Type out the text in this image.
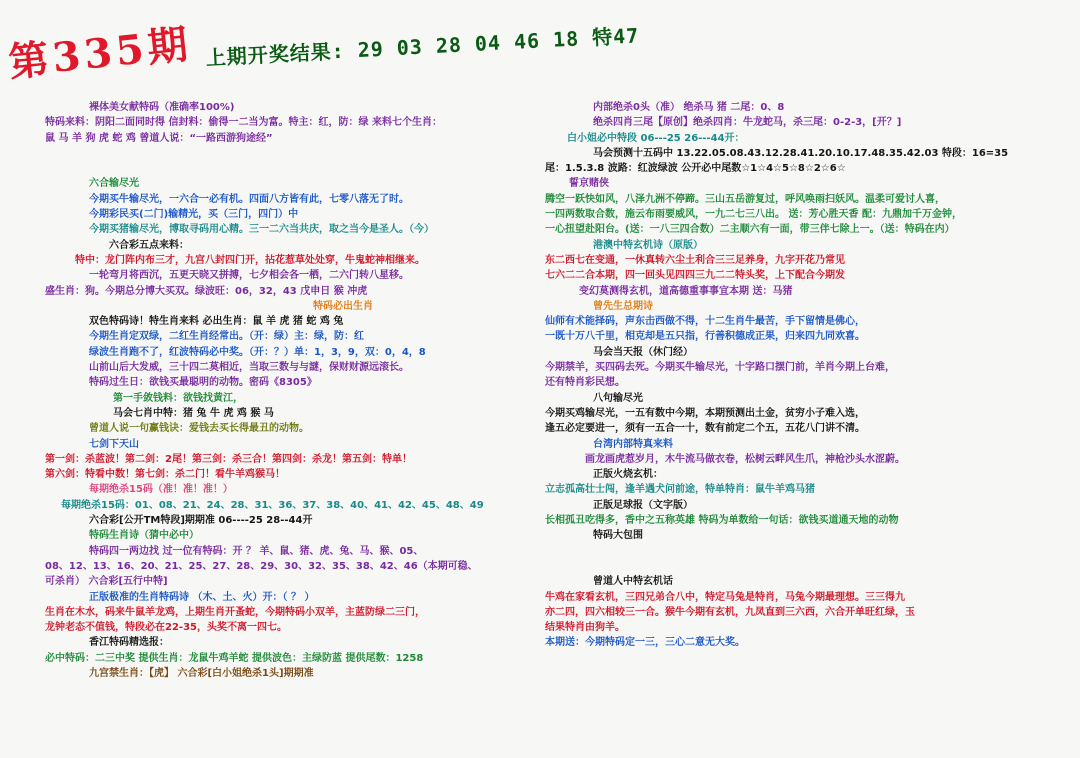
第335期 上期开奖结果: 29 03 28 04 46 18 特47
裸体美女献特码（准确率100%)
特码来料：阴阳二面同时得 信封料：偷得一二当为富。特主：红，防：绿 来料七个生肖：
鼠 马 羊 狗 虎 蛇 鸡 曾道人说：“一路西游狗途经”
六合输尽光
今期买牛输尽光，一六合一必有机。四面八方皆有此，七零八落无了时。
今期彩民买(二门)输精光，买（三门，四门）中
今期买猪输尽光，博取寻码用心精。三一二六当共庆，取之当今是圣人。（今）
六合彩五点来料：
特中：龙门阵内布三才，九宫八封四门开，拈花惹草处处穿，牛鬼蛇神相继来。
一轮弯月将西沉，五更天晓又拼搏，七夕相会各一栖，二六门转八星移。
盛生肖：狗。今期总分博大买双。绿波旺：06，32，43 戊申日 猴 冲虎
特码必出生肖
双色特码诗！特生肖来料 必出生肖：鼠 羊 虎 猪 蛇 鸡 兔
今期生肖定双绿，二红生肖经常出。（开：绿）主：绿，防：红
绿波生肖跑不了，红波特码必中奖。（开：？）单：1，3，9，双：0，4，8
山前山后大发威，三十四二莫相近，当取三数与与謎，保财财源远滚长。
特码过生日：欲钱买最聪明的动物。密码《8305》
第一手敛钱料：欲钱找黄江，
马会七肖中特：猪 兔 牛 虎 鸡 猴 马
曾道人说一句赢钱诀：爱钱去买长得最丑的动物。
七剑下天山
第一剑：杀蓝波！第二剑：2尾！第三剑：杀三合！第四剑：杀龙！第五剑：特单！
第六剑：特看中数！第七剑：杀二门！看牛羊鸡猴马！
每期绝杀15码（准！准！准！）
每期绝杀15码：01、08、21、24、28、31、36、37、38、40、41、42、45、48、49
六合彩[公开TM特段]期期准 06----25 28--44开
特码生肖诗（猜中必中）
特码四一两边找 过一位有特码：开 ？ 羊、鼠、猪、虎、兔、马、猴、05、
08、12、13、16、20、21、25、27、28、29、30、32、35、38、42、46（本期可稳、
可杀肖） 六合彩[五行中特]
正版极准的生肖特码诗 （木、土、火）开：（ ？ ）
生肖在木水，码来牛鼠羊龙鸡，上期生肖开蚤蛇，今期特码小双羊，主蓝防绿二三门，
龙钟老态不值钱，特段必在22-35，头奖不离一四七。
香江特码精选报：
必中特码：二三中奖 提供生肖：龙鼠牛鸡羊蛇 提供波色：主绿防蓝 提供尾数：1258
九宫禁生肖：【虎】 六合彩[白小姐绝杀1头]期期准
内部绝杀0头（准） 绝杀马 猪 二尾：0、8
绝杀四肖三尾【原创】绝杀四肖：牛龙蛇马，杀三尾：0-2-3，[开？]
白小姐必中特段 06---25 26---44开：
马会预测十五码中 13.22.05.08.43.12.28.41.20.10.17.48.35.42.03 特段：16=35
尾：1.5.3.8 波路：红波绿波 公开必中尾数☆1☆4☆5☆8☆2☆6☆
誓京赌侠
腾空一跃快如风，八泽九洲不停蹄。三山五岳游复过，呼风唤雨扫妖风。温柔可爱讨人喜，
一四两数取合数，施云布雨要威风，一九二七三八出。 送：芳心胜天香 配：九鼎加千万金钟，
一心扭望赴阳台。(送：一八三四合数）二主顺六有一面，带三伴七除上一。（送：特码在内）
港澳中特玄机诗（原版）
东二西七在变通，一休真转六尘土利合三三足养身，九字开花乃常见
七六二二合本期，四一回头见四四三九二二特头奖，上下配合今期发
变幻莫测得玄机，道高德重事事宜本期 送：马猪
曾先生总期诗
仙师有术能择码，声东击西做不得，十二生肖牛最苦，手下留情是佛心，
一既十万八千里，相克却是五只指，行善积德成正果，归来四九同欢喜。
马会当天报（休门经）
今期禁羊，买四码去死。今期买牛输尽光，十字路口摆门前，羊肖今期上台难，
还有特肖彩民想。
八句输尽光
今期买鸡输尽光，一五有数中今期，本期预测出土金，贫穷小子难入选，
逢五必定要进一，须有一五合一十，数有前定二个五，五花八门讲不清。
台湾内部特真来料
画龙画虎惹岁月，木牛流马做衣卷，松树云畔风生爪，神枪沙头水涩蔚。
正版火烧玄机：
立志孤高壮士闯，逢羊遇犬问前途，特单特肖：鼠牛羊鸡马猪
正版足球报（文字版）
长相孤丑吃得多，香中之五称英雄 特码为单数给一句话：欲钱买道通天地的动物
特码大包围
曾道人中特玄机话
牛鸡在家看玄机，三四兄弟合八中，特定马兔是特肖，马兔今期最理想。三三得九
亦二四，四六相较三一合。猴牛今期有玄机，九凤直到三六西，六合开单旺红绿，玉
结果特肖由狗羊。
本期送：今期特码定一三，三心二意无大奖。
